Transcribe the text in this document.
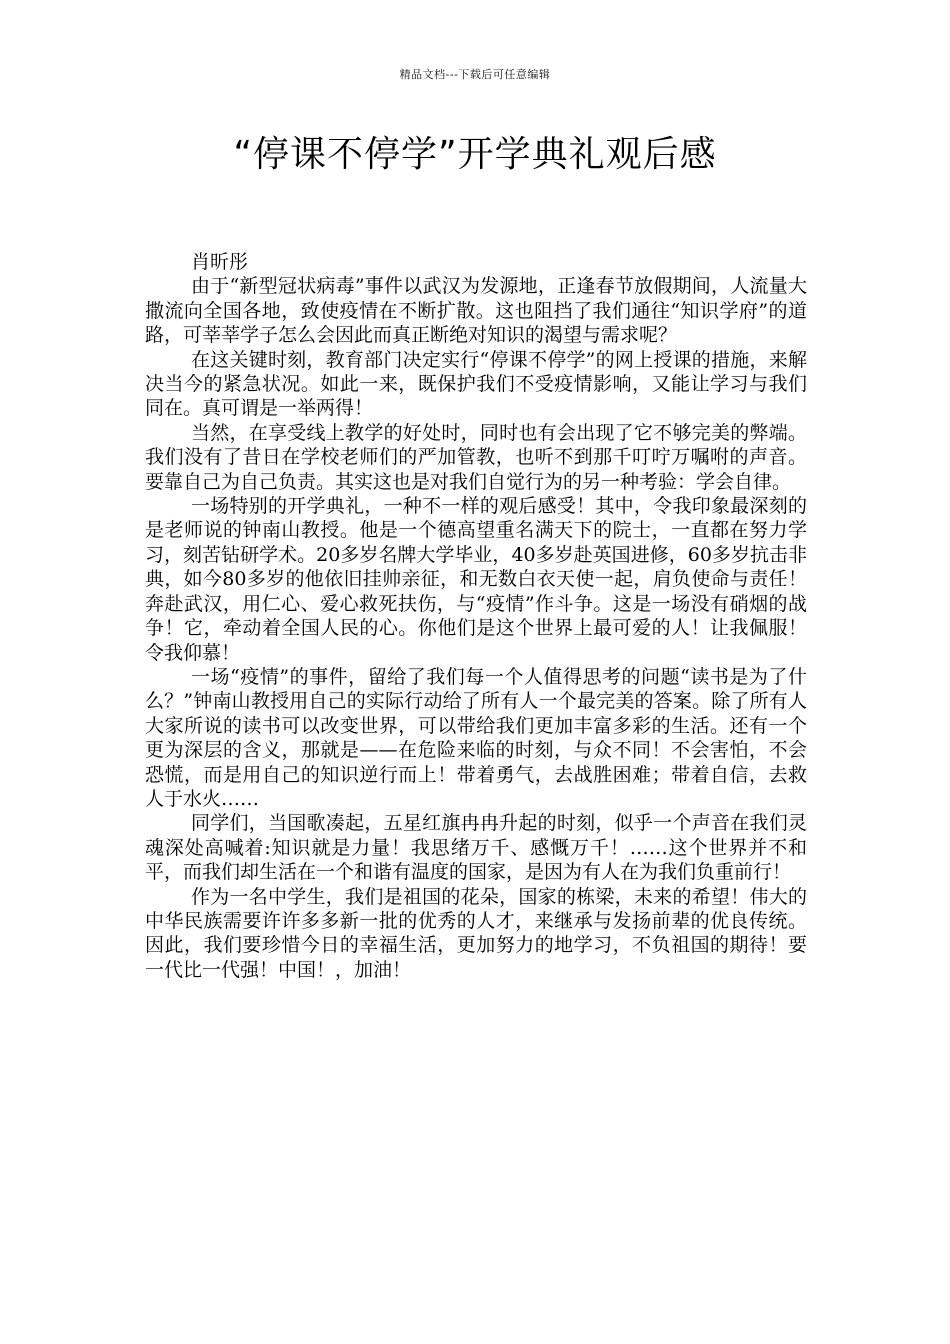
精品文档---下载后可任意编辑
“停课不停学”开学典礼观后感

肖昕彤

由于“新型冠状病毒”事件以武汉为发源地，正逢春节放假期间，人流量大撒流向全国各地，致使疫情在不断扩散。这也阻挡了我们通往“知识学府”的道路，可莘莘学子怎么会因此而真正断绝对知识的渴望与需求呢？

在这关键时刻，教育部门决定实行“停课不停学”的网上授课的措施，来解决当今的紧急状况。如此一来，既保护我们不受疫情影响，又能让学习与我们同在。真可谓是一举两得！

当然，在享受线上教学的好处时，同时也有会出现了它不够完美的弊端。我们没有了昔日在学校老师们的严加管教，也听不到那千叮咛万嘱咐的声音。要靠自己为自己负责。其实这也是对我们自觉行为的另一种考验：学会自律。

一场特别的开学典礼，一种不一样的观后感受！其中，令我印象最深刻的是老师说的钟南山教授。他是一个德高望重名满天下的院士，一直都在努力学习，刻苦钻研学术。20多岁名牌大学毕业，40多岁赴英国进修，60多岁抗击非典，如今80多岁的他依旧挂帅亲征，和无数白衣天使一起，肩负使命与责任！奔赴武汉，用仁心、爱心救死扶伤，与“疫情”作斗争。这是一场没有硝烟的战争！它，牵动着全国人民的心。你他们是这个世界上最可爱的人！让我佩服！令我仰慕！

一场“疫情”的事件，留给了我们每一个人值得思考的问题“读书是为了什么？”钟南山教授用自己的实际行动给了所有人一个最完美的答案。除了所有人大家所说的读书可以改变世界，可以带给我们更加丰富多彩的生活。还有一个更为深层的含义，那就是——在危险来临的时刻，与众不同！不会害怕，不会恐慌，而是用自己的知识逆行而上！带着勇气，去战胜困难；带着自信，去救人于水火……

同学们，当国歌凑起，五星红旗冉冉升起的时刻，似乎一个声音在我们灵魂深处高喊着:知识就是力量！我思绪万千、感慨万千！……这个世界并不和平，而我们却生活在一个和谐有温度的国家，是因为有人在为我们负重前行！

作为一名中学生，我们是祖国的花朵，国家的栋梁，未来的希望！伟大的中华民族需要许许多多新一批的优秀的人才，来继承与发扬前辈的优良传统。因此，我们要珍惜今日的幸福生活，更加努力的地学习，不负祖国的期待！要一代比一代强！中国！，加油！
